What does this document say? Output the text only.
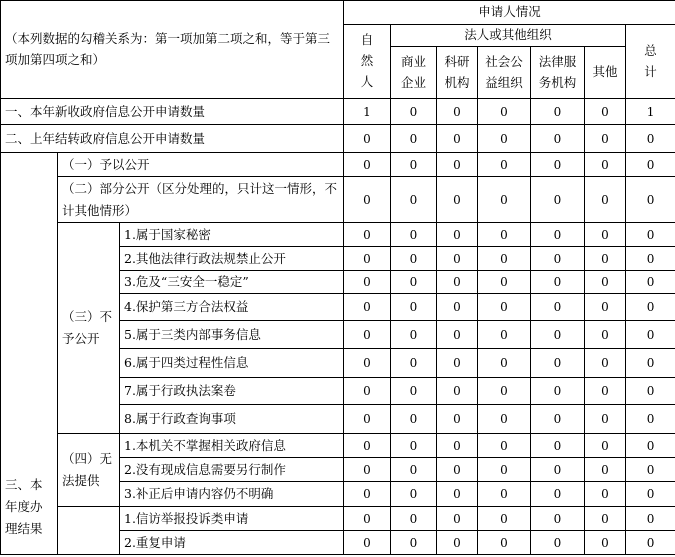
（本列数据的勾稽关系为：第一项加第二项之和，等于第三项加第四项之和）			申请人情况						
			自然人	法人或其他组织					总计
				商业企业	科研机构	社会公益组织	法律服务机构	其他	
一、本年新收政府信息公开申请数量			1	0	0	0	0	0	1
二、上年结转政府信息公开申请数量			0	0	0	0	0	0	0
三、本年度办理结果	（一）予以公开		0	0	0	0	0	0	0
	（二）部分公开（区分处理的，只计这一情形，不计其他情形）		0	0	0	0	0	0	0
	（三）不予公开	1.属于国家秘密	0	0	0	0	0	0	0
		2.其他法律行政法规禁止公开	0	0	0	0	0	0	0
		3.危及“三安全一稳定”	0	0	0	0	0	0	0
		4.保护第三方合法权益	0	0	0	0	0	0	0
		5.属于三类内部事务信息	0	0	0	0	0	0	0
		6.属于四类过程性信息	0	0	0	0	0	0	0
		7.属于行政执法案卷	0	0	0	0	0	0	0
		8.属于行政查询事项	0	0	0	0	0	0	0
	（四）无法提供	1.本机关不掌握相关政府信息	0	0	0	0	0	0	0
		2.没有现成信息需要另行制作	0	0	0	0	0	0	0
		3.补正后申请内容仍不明确	0	0	0	0	0	0	0
		1.信访举报投诉类申请	0	0	0	0	0	0	0
		2.重复申请	0	0	0	0	0	0	0
